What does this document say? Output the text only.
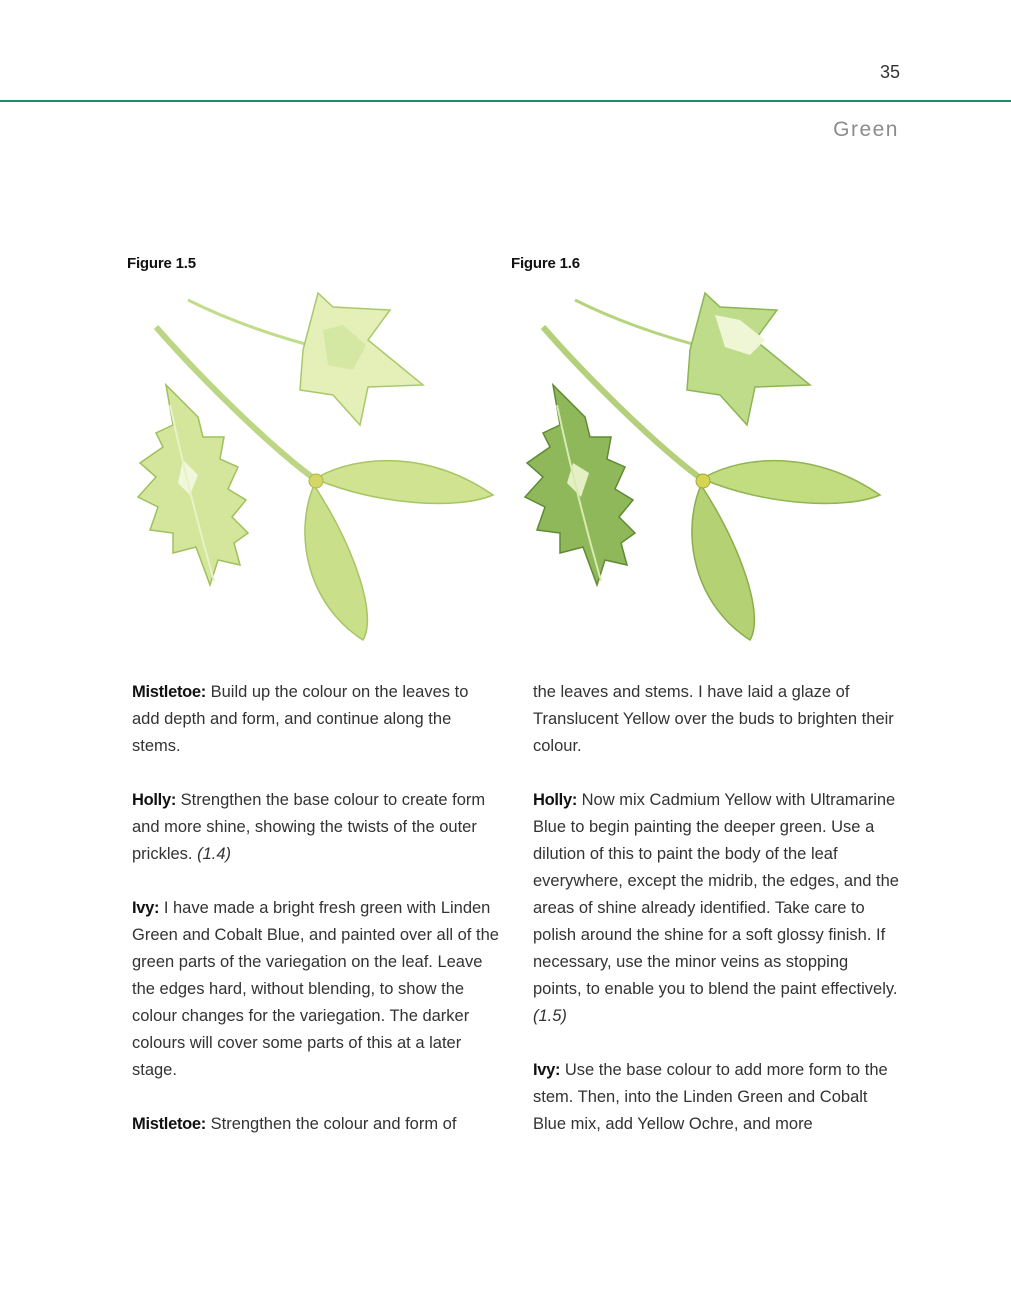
35
Green
Figure 1.5	Figure 1.6

Mistletoe: Build up the colour on the leaves to add depth and form, and continue along the stems.

Holly: Strengthen the base colour to create form and more shine, showing the twists of the outer prickles. (1.4)

Ivy: I have made a bright fresh green with Linden Green and Cobalt Blue, and painted over all of the green parts of the variegation on the leaf. Leave the edges hard, without blending, to show the colour changes for the variegation. The darker colours will cover some parts of this at a later stage.

Mistletoe: Strengthen the colour and form of

the leaves and stems. I have laid a glaze of Translucent Yellow over the buds to brighten their colour.

Holly: Now mix Cadmium Yellow with Ultramarine Blue to begin painting the deeper green. Use a dilution of this to paint the body of the leaf everywhere, except the midrib, the edges, and the areas of shine already identified. Take care to polish around the shine for a soft glossy finish. If necessary, use the minor veins as stopping points, to enable you to blend the paint effectively. (1.5)

Ivy: Use the base colour to add more form to the stem. Then, into the Linden Green and Cobalt Blue mix, add Yellow Ochre, and more
